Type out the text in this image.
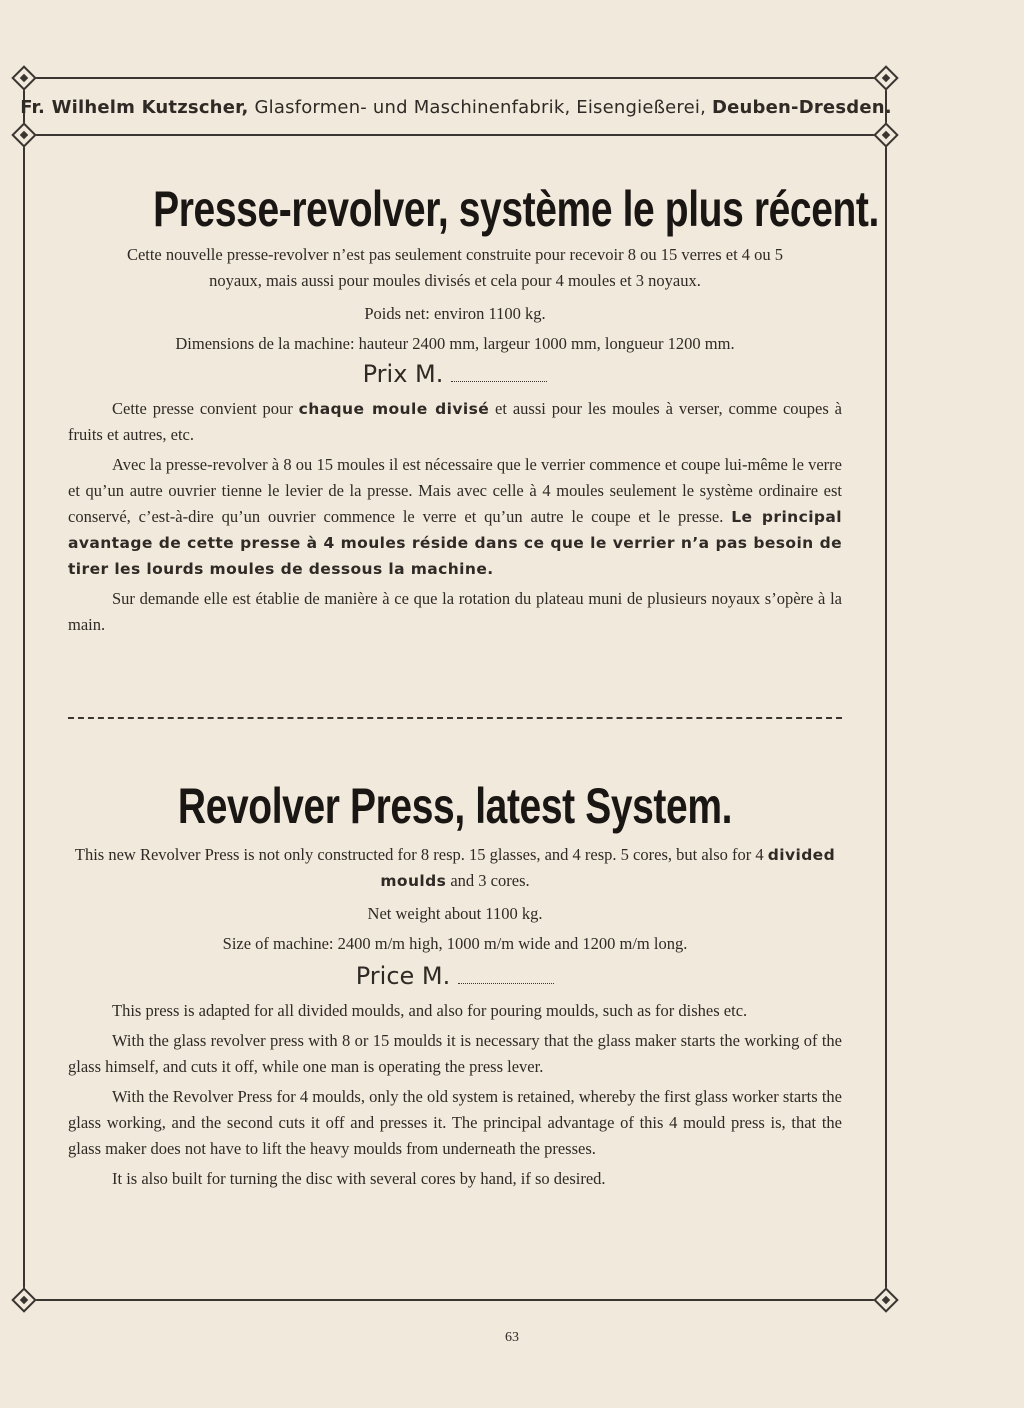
Fr. Wilhelm Kutzscher,
Glasformen- und Maschinenfabrik, Eisengießerei,
Deuben-Dresden.
Presse-revolver, système le plus récent.

Cette nouvelle presse-revolver n’est pas seulement construite pour recevoir 8 ou 15 verres et 4 ou 5 noyaux, mais aussi pour moules divisés et cela pour 4 moules et 3 noyaux.

Poids net: environ 1100 kg.

Dimensions de la machine: hauteur 2400 mm, largeur 1000 mm, longueur 1200 mm.

Prix M.

Cette presse convient pour chaque moule divisé et aussi pour les moules à verser, comme coupes à fruits et autres, etc.

Avec la presse-revolver à 8 ou 15 moules il est nécessaire que le verrier commence et coupe lui-même le verre et qu’un autre ouvrier tienne le levier de la presse. Mais avec celle à 4 moules seulement le système ordinaire est conservé, c’est-à-dire qu’un ouvrier commence le verre et qu’un autre le coupe et le presse. Le principal avantage de cette presse à 4 moules réside dans ce que le verrier n’a pas besoin de tirer les lourds moules de dessous la machine.

Sur demande elle est établie de manière à ce que la rotation du plateau muni de plusieurs noyaux s’opère à la main.

Revolver Press, latest System.

This new Revolver Press is not only constructed for 8 resp. 15 glasses, and 4 resp. 5 cores, but also for 4 divided moulds and 3 cores.

Net weight about 1100 kg.

Size of machine: 2400 m/m high, 1000 m/m wide and 1200 m/m long.

Price M.

This press is adapted for all divided moulds, and also for pouring moulds, such as for dishes etc.

With the glass revolver press with 8 or 15 moulds it is necessary that the glass maker starts the working of the glass himself, and cuts it off, while one man is operating the press lever.

With the Revolver Press for 4 moulds, only the old system is retained, whereby the first glass worker starts the glass working, and the second cuts it off and presses it. The principal advantage of this 4 mould press is, that the glass maker does not have to lift the heavy moulds from underneath the presses.

It is also built for turning the disc with several cores by hand, if so desired.

63
